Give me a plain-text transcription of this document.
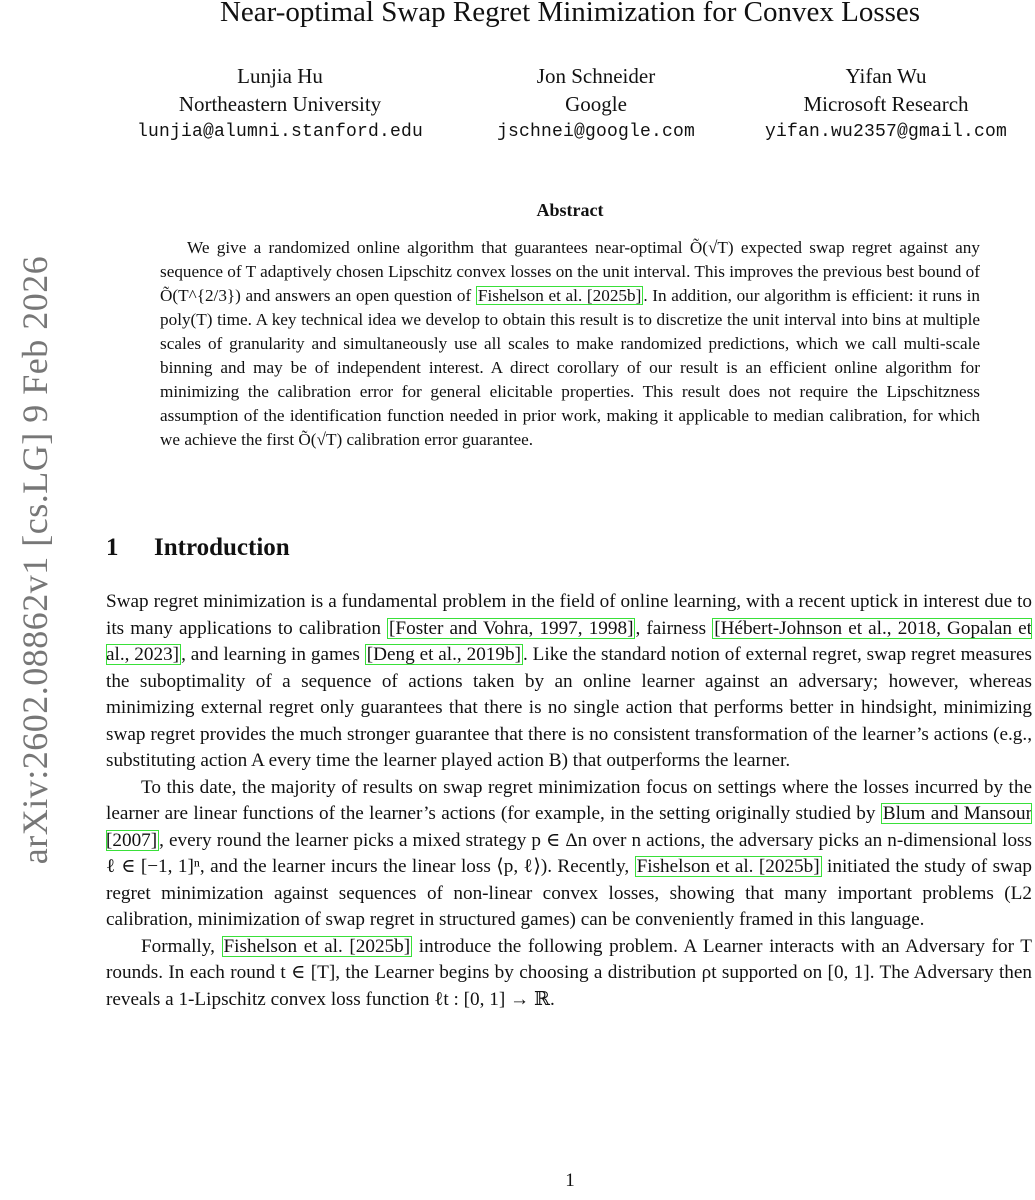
Near-optimal Swap Regret Minimization for Convex Losses
Lunjia Hu
Northeastern University
lunjia@alumni.stanford.edu
Jon Schneider
Google
jschnei@google.com
Yifan Wu
Microsoft Research
yifan.wu2357@gmail.com
arXiv:2602.08862v1 [cs.LG] 9 Feb 2026
Abstract
We give a randomized online algorithm that guarantees near-optimal Õ(√T) expected swap regret against any sequence of T adaptively chosen Lipschitz convex losses on the unit interval. This improves the previous best bound of Õ(T^{2/3}) and answers an open question of Fishelson et al. [2025b] . In addition, our algorithm is efficient: it runs in poly(T) time. A key technical idea we develop to obtain this result is to discretize the unit interval into bins at multiple scales of granularity and simultaneously use all scales to make randomized predictions, which we call multi-scale binning and may be of independent interest. A direct corollary of our result is an efficient online algorithm for minimizing the calibration error for general elicitable properties. This result does not require the Lipschitzness assumption of the identification function needed in prior work, making it applicable to median calibration, for which we achieve the first Õ(√T) calibration error guarantee.
1 Introduction

Swap regret minimization is a fundamental problem in the field of online learning, with a recent uptick in interest due to its many applications to calibration [Foster and Vohra, 1997, 1998] , fairness [Hébert-Johnson et al., 2018, Gopalan et al., 2023] , and learning in games [Deng et al., 2019b] . Like the standard notion of external regret, swap regret measures the suboptimality of a sequence of actions taken by an online learner against an adversary; however, whereas minimizing external regret only guarantees that there is no single action that performs better in hindsight, minimizing swap regret provides the much stronger guarantee that there is no consistent transformation of the learner’s actions (e.g., substituting action A every time the learner played action B) that outperforms the learner.

To this date, the majority of results on swap regret minimization focus on settings where the losses incurred by the learner are linear functions of the learner’s actions (for example, in the setting originally studied by Blum and Mansour [2007] , every round the learner picks a mixed strategy p ∈ Δn over n actions, the adversary picks an n-dimensional loss ℓ ∈ [−1, 1]ⁿ, and the learner incurs the linear loss ⟨p, ℓ⟩). Recently, Fishelson et al. [2025b] initiated the study of swap regret minimization against sequences of non-linear convex losses, showing that many important problems (L2 calibration, minimization of swap regret in structured games) can be conveniently framed in this language.

Formally, Fishelson et al. [2025b] introduce the following problem. A Learner interacts with an Adversary for T rounds. In each round t ∈ [T], the Learner begins by choosing a distribution ρt supported on [0, 1]. The Adversary then reveals a 1-Lipschitz convex loss function ℓt : [0, 1] → ℝ.

1
